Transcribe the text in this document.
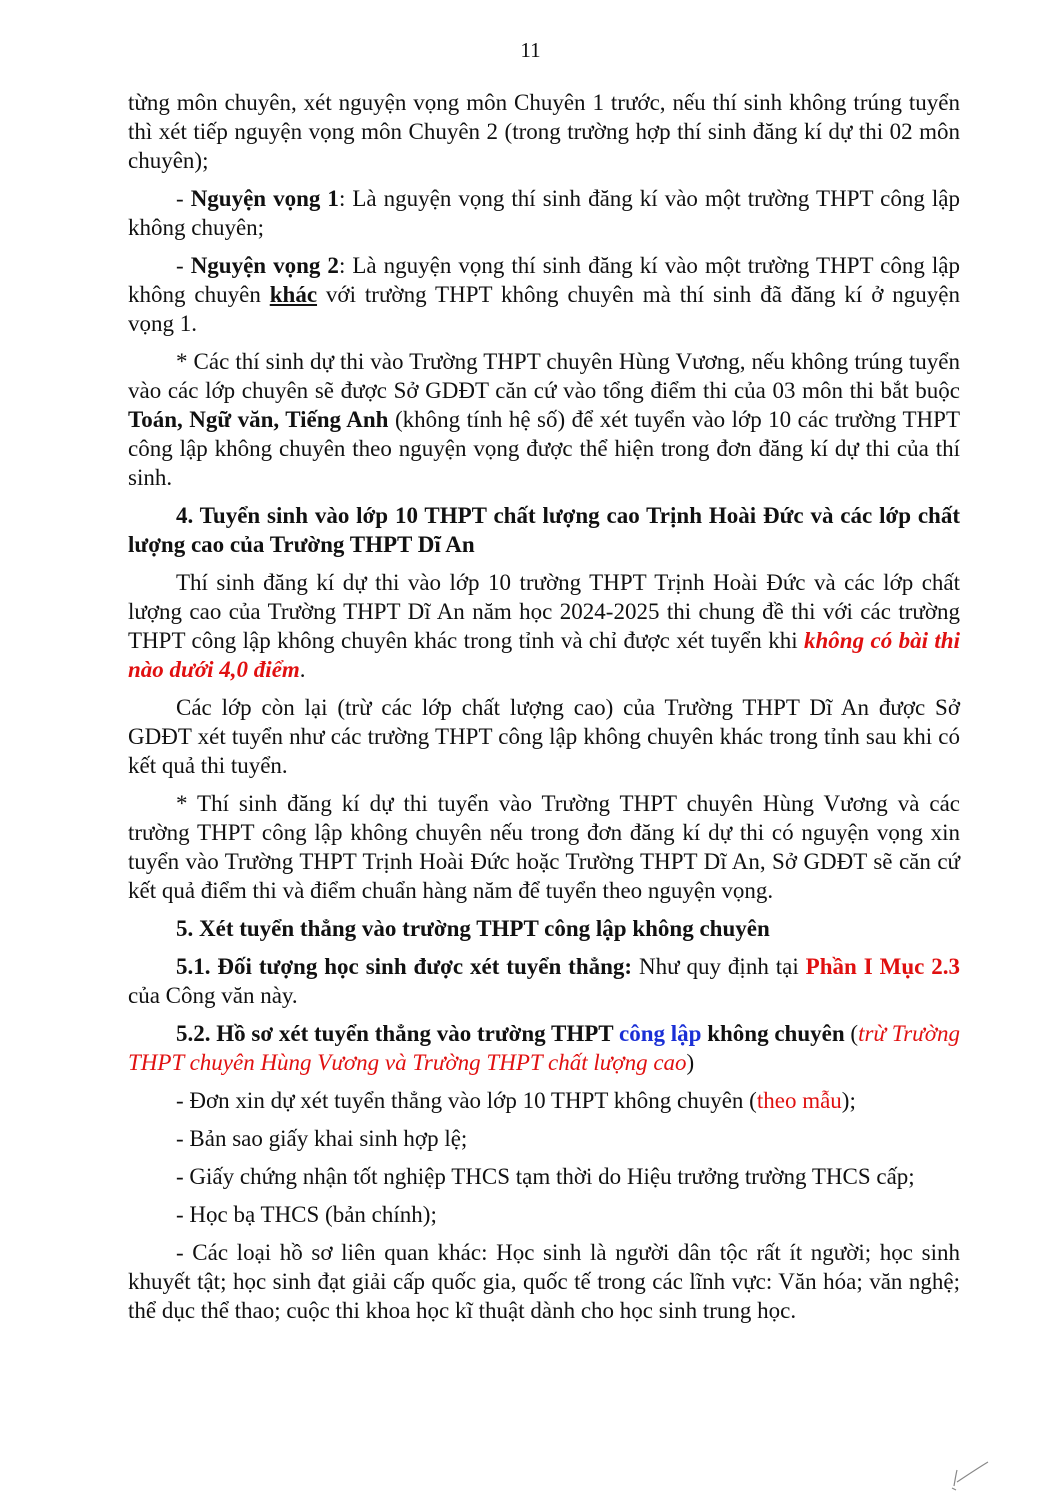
11

từng môn chuyên, xét nguyện vọng môn Chuyên 1 trước, nếu thí sinh không trúng tuyển thì xét tiếp nguyện vọng môn Chuyên 2 (trong trường hợp thí sinh đăng kí dự thi 02 môn chuyên);

- Nguyện vọng 1: Là nguyện vọng thí sinh đăng kí vào một trường THPT công lập không chuyên;

- Nguyện vọng 2: Là nguyện vọng thí sinh đăng kí vào một trường THPT công lập không chuyên khác với trường THPT không chuyên mà thí sinh đã đăng kí ở nguyện vọng 1.

* Các thí sinh dự thi vào Trường THPT chuyên Hùng Vương, nếu không trúng tuyển vào các lớp chuyên sẽ được Sở GDĐT căn cứ vào tổng điểm thi của 03 môn thi bắt buộc Toán, Ngữ văn, Tiếng Anh (không tính hệ số) để xét tuyển vào lớp 10 các trường THPT công lập không chuyên theo nguyện vọng được thể hiện trong đơn đăng kí dự thi của thí sinh.

4. Tuyển sinh vào lớp 10 THPT chất lượng cao Trịnh Hoài Đức và các lớp chất lượng cao của Trường THPT Dĩ An

Thí sinh đăng kí dự thi vào lớp 10 trường THPT Trịnh Hoài Đức và các lớp chất lượng cao của Trường THPT Dĩ An năm học 2024-2025 thi chung đề thi với các trường THPT công lập không chuyên khác trong tỉnh và chỉ được xét tuyển khi không có bài thi nào dưới 4,0 điểm.

Các lớp còn lại (trừ các lớp chất lượng cao) của Trường THPT Dĩ An được Sở GDĐT xét tuyển như các trường THPT công lập không chuyên khác trong tỉnh sau khi có kết quả thi tuyển.

* Thí sinh đăng kí dự thi tuyển vào Trường THPT chuyên Hùng Vương và các trường THPT công lập không chuyên nếu trong đơn đăng kí dự thi có nguyện vọng xin tuyển vào Trường THPT Trịnh Hoài Đức hoặc Trường THPT Dĩ An, Sở GDĐT sẽ căn cứ kết quả điểm thi và điểm chuẩn hàng năm để tuyển theo nguyện vọng.

5. Xét tuyển thẳng vào trường THPT công lập không chuyên

5.1. Đối tượng học sinh được xét tuyển thẳng: Như quy định tại Phần I Mục 2.3 của Công văn này.

5.2. Hồ sơ xét tuyển thẳng vào trường THPT công lập không chuyên (trừ Trường THPT chuyên Hùng Vương và Trường THPT chất lượng cao)

- Đơn xin dự xét tuyển thẳng vào lớp 10 THPT không chuyên (theo mẫu);

- Bản sao giấy khai sinh hợp lệ;

- Giấy chứng nhận tốt nghiệp THCS tạm thời do Hiệu trưởng trường THCS cấp;

- Học bạ THCS (bản chính);

- Các loại hồ sơ liên quan khác: Học sinh là người dân tộc rất ít người; học sinh khuyết tật; học sinh đạt giải cấp quốc gia, quốc tế trong các lĩnh vực: Văn hóa; văn nghệ; thể dục thể thao; cuộc thi khoa học kĩ thuật dành cho học sinh trung học.
